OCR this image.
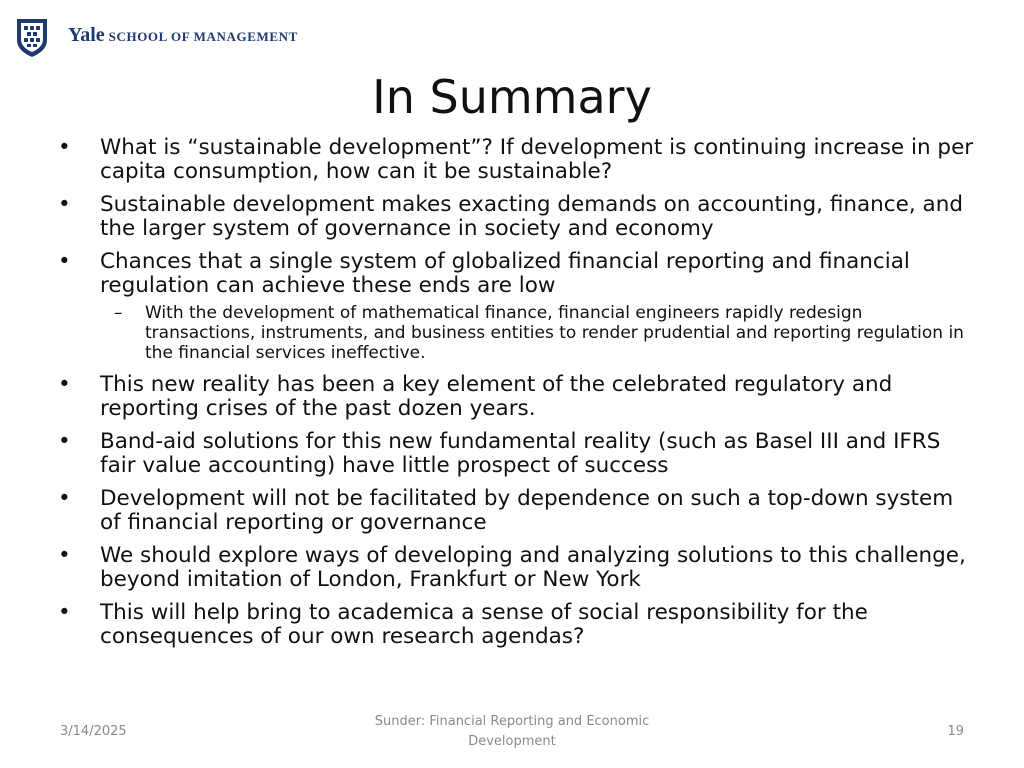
Yale SCHOOL OF MANAGEMENT
In Summary
• What is “sustainable development”? If development is continuing increase in per capita consumption, how can it be sustainable?
• Sustainable development makes exacting demands on accounting, finance, and the larger system of governance in society and economy
• Chances that a single system of globalized financial reporting and financial regulation can achieve these ends are low
– With the development of mathematical finance, financial engineers rapidly redesign transactions, instruments, and business entities to render prudential and reporting regulation in the financial services ineffective.
• This new reality has been a key element of the celebrated regulatory and reporting crises of the past dozen years.
• Band-aid solutions for this new fundamental reality (such as Basel III and IFRS fair value accounting) have little prospect of success
• Development will not be facilitated by dependence on such a top-down system of financial reporting or governance
• We should explore ways of developing and analyzing solutions to this challenge, beyond imitation of London, Frankfurt or New York
• This will help bring to academica a sense of social responsibility for the consequences of our own research agendas?
3/14/2025
Sunder: Financial Reporting and Economic
Development
19
